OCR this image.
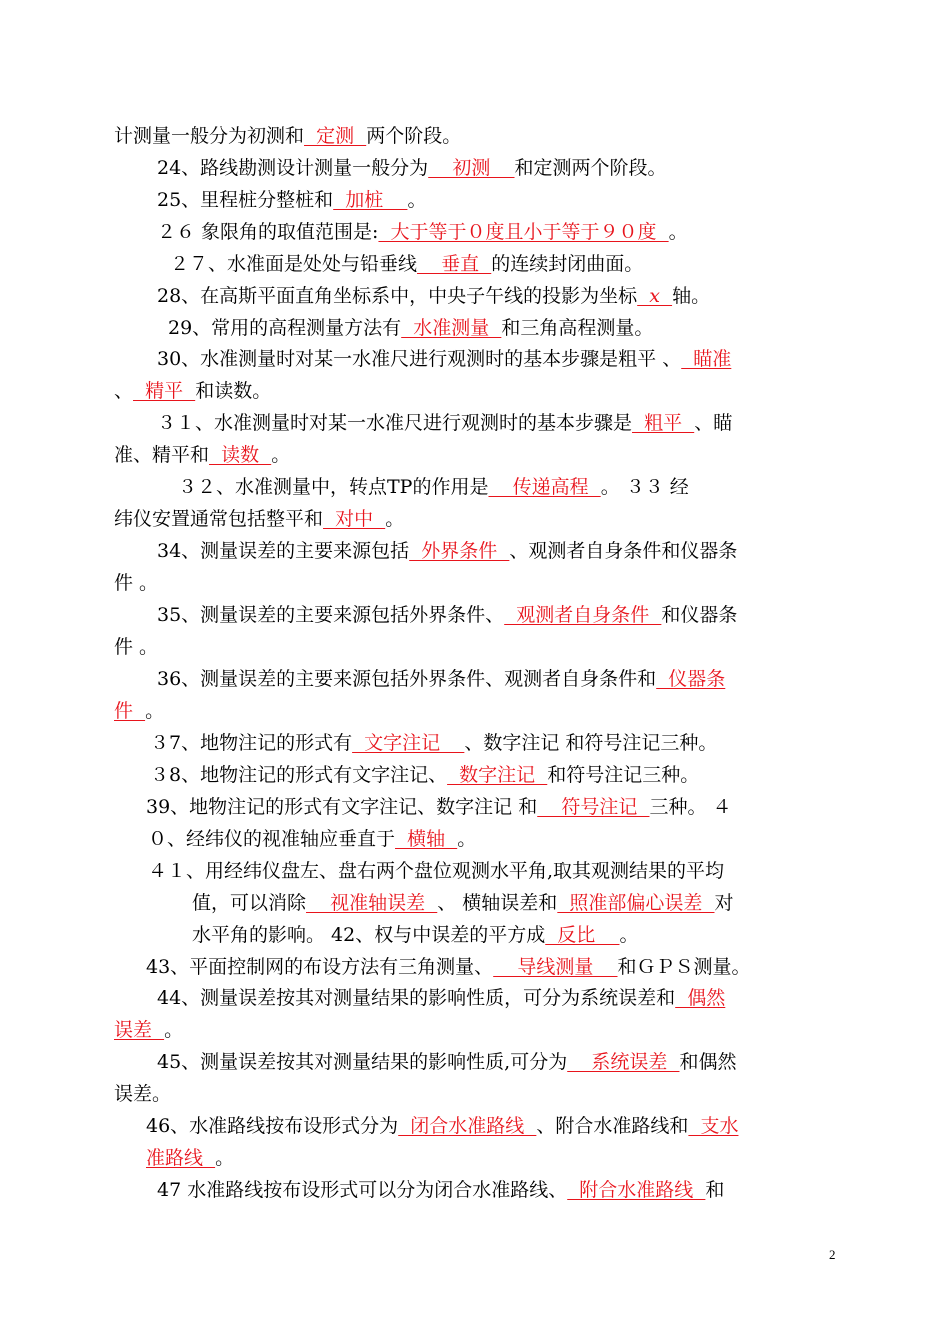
计测量一般分为初测和  定测  两个阶段。
24、路线勘测设计测量一般分为    初测    和定测两个阶段。
25、里程桩分整桩和  加桩    。
２６ 象限角的取值范围是:  大于等于０度且小于等于９０度  。
２７、水准面是处处与铅垂线    垂直  的连续封闭曲面。
28、在高斯平面直角坐标系中，中央子午线的投影为坐标  x  轴。
29、常用的高程测量方法有  水准测量  和三角高程测量。
30、水准测量时对某一水准尺进行观测时的基本步骤是粗平 、  瞄准
、  精平  和读数。
３１、水准测量时对某一水准尺进行观测时的基本步骤是  粗平  、瞄
准、精平和  读数  。
３２、水准测量中，转点TP的作用是    传递高程  。 ３３ 经
纬仪安置通常包括整平和  对中  。
34、测量误差的主要来源包括  外界条件  、观测者自身条件和仪器条
件 。
35、测量误差的主要来源包括外界条件、  观测者自身条件  和仪器条
件 。
36、测量误差的主要来源包括外界条件、观测者自身条件和  仪器条
件  。
３7、地物注记的形式有  文字注记    、数字注记 和符号注记三种。
３8、地物注记的形式有文字注记、  数字注记  和符号注记三种。
39、地物注记的形式有文字注记、数字注记 和    符号注记  三种。 ４
０、经纬仪的视准轴应垂直于  横轴  。
４１、用经纬仪盘左、盘右两个盘位观测水平角,取其观测结果的平均
值，可以消除    视准轴误差  、 横轴误差和  照准部偏心误差  对
水平角的影响。 42、权与中误差的平方成  反比    。
43、平面控制网的布设方法有三角测量、    导线测量    和ＧＰＳ测量。
44、测量误差按其对测量结果的影响性质，可分为系统误差和  偶然
误差  。
45、测量误差按其对测量结果的影响性质,可分为    系统误差  和偶然
误差。
46、水准路线按布设形式分为  闭合水准路线  、附合水准路线和  支水
准路线  。
47 水准路线按布设形式可以分为闭合水准路线、  附合水准路线  和
2
